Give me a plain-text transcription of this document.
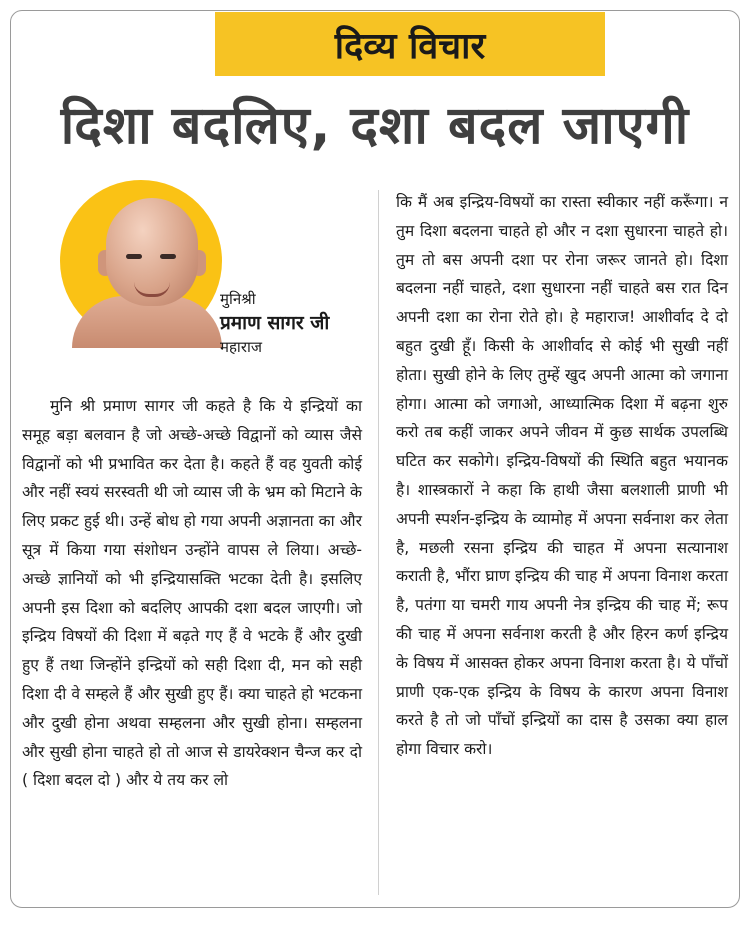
दिव्य विचार
दिशा बदलिए, दशा बदल जाएगी
मुनिश्री
प्रमाण सागर जी
महाराज

मुनि श्री प्रमाण सागर जी कहते है कि ये इन्द्रियों का समूह बड़ा बलवान है जो अच्छे-अच्छे विद्वानों को व्यास जैसे विद्वानों को भी प्रभावित कर देता है। कहते हैं वह युवती कोई और नहीं स्वयं सरस्वती थी जो व्यास जी के भ्रम को मिटाने के लिए प्रकट हुई थी। उन्हें बोध हो गया अपनी अज्ञानता का और सूत्र में किया गया संशोधन उन्होंने वापस ले लिया। अच्छे-अच्छे ज्ञानियों को भी इन्द्रियासक्ति भटका देती है। इसलिए अपनी इस दिशा को बदलिए आपकी दशा बदल जाएगी। जो इन्द्रिय विषयों की दिशा में बढ़ते गए हैं वे भटके हैं और दुखी हुए हैं तथा जिन्होंने इन्द्रियों को सही दिशा दी, मन को सही दिशा दी वे सम्हले हैं और सुखी हुए हैं। क्या चाहते हो भटकना और दुखी होना अथवा सम्हलना और सुखी होना। सम्हलना और सुखी होना चाहते हो तो आज से डायरेक्शन चैन्ज कर दो ( दिशा बदल दो ) और ये तय कर लो

कि मैं अब इन्द्रिय-विषयों का रास्ता स्वीकार नहीं करूँगा। न तुम दिशा बदलना चाहते हो और न दशा सुधारना चाहते हो। तुम तो बस अपनी दशा पर रोना जरूर जानते हो। दिशा बदलना नहीं चाहते, दशा सुधारना नहीं चाहते बस रात दिन अपनी दशा का रोना रोते हो। हे महाराज! आशीर्वाद दे दो बहुत दुखी हूँ। किसी के आशीर्वाद से कोई भी सुखी नहीं होता। सुखी होने के लिए तुम्हें खुद अपनी आत्मा को जगाना होगा। आत्मा को जगाओ, आध्यात्मिक दिशा में बढ़ना शुरु करो तब कहीं जाकर अपने जीवन में कुछ सार्थक उपलब्धि घटित कर सकोगे। इन्द्रिय-विषयों की स्थिति बहुत भयानक है। शास्त्रकारों ने कहा कि हाथी जैसा बलशाली प्राणी भी अपनी स्पर्शन-इन्द्रिय के व्यामोह में अपना सर्वनाश कर लेता है, मछली रसना इन्द्रिय की चाहत में अपना सत्यानाश कराती है, भौंरा घ्राण इन्द्रिय की चाह में अपना विनाश करता है, पतंगा या चमरी गाय अपनी नेत्र इन्द्रिय की चाह में; रूप की चाह में अपना सर्वनाश करती है और हिरन कर्ण इन्द्रिय के विषय में आसक्त होकर अपना विनाश करता है। ये पाँचों प्राणी एक-एक इन्द्रिय के विषय के कारण अपना विनाश करते है तो जो पाँचों इन्द्रियों का दास है उसका क्या हाल होगा विचार करो।
